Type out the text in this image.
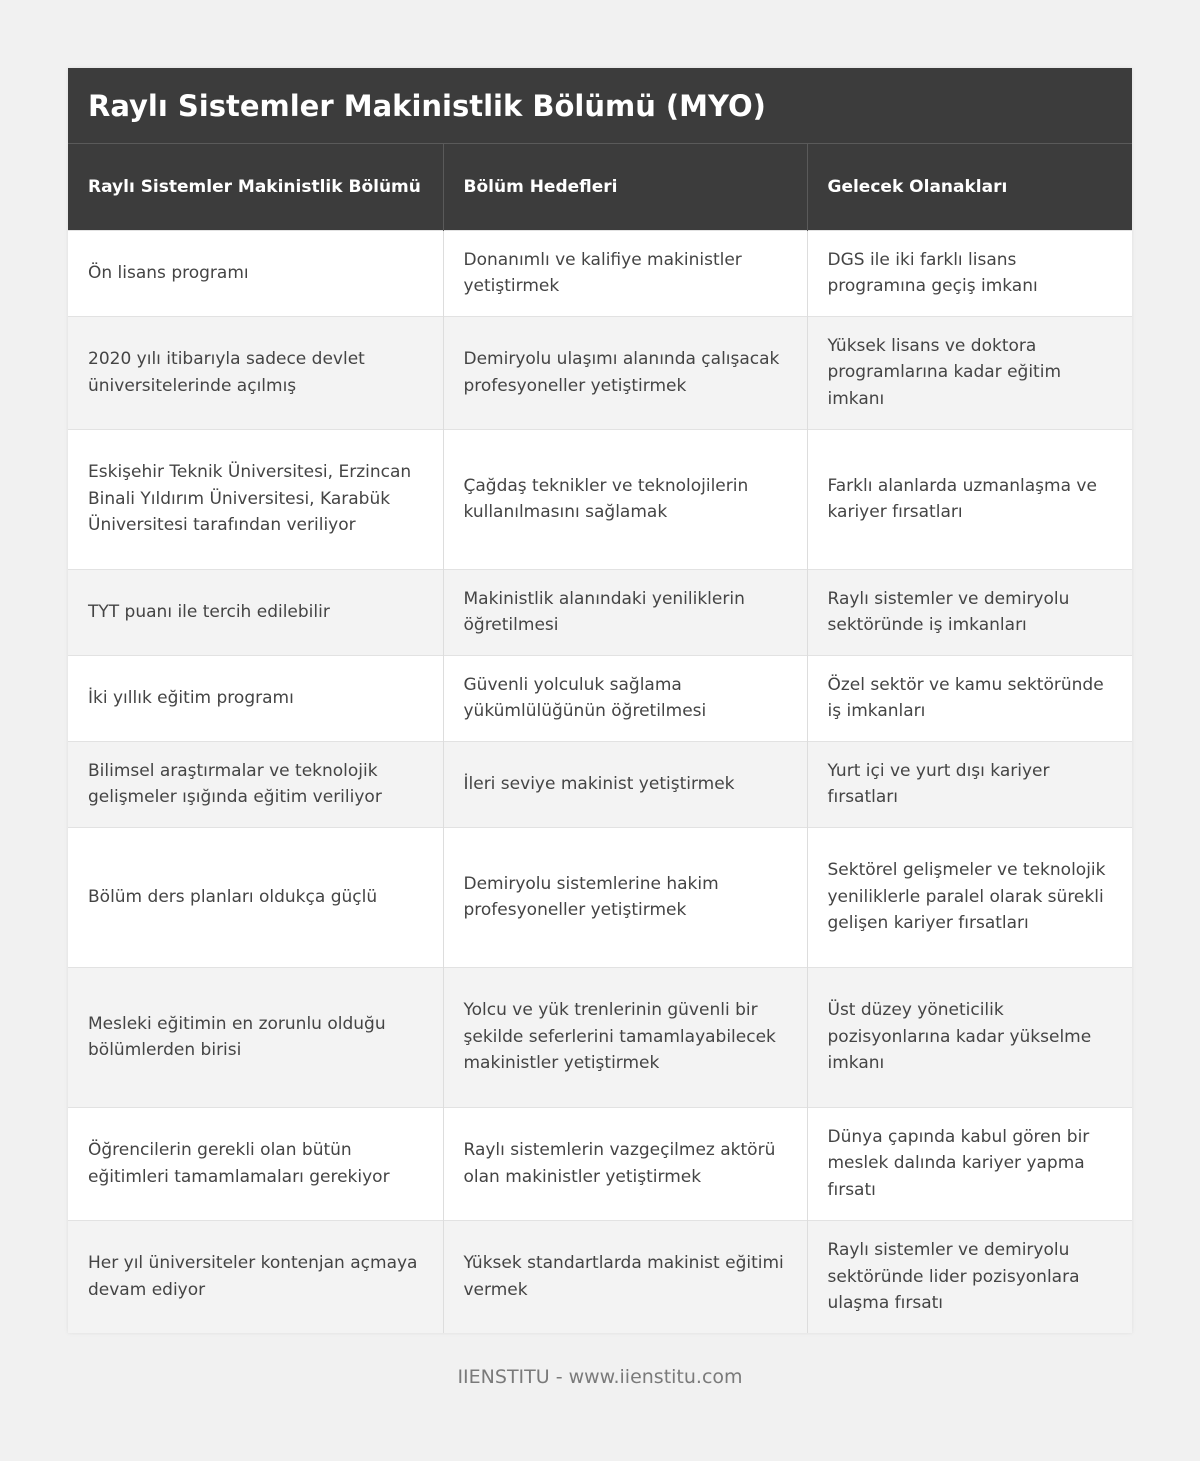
Raylı Sistemler Makinistlik Bölümü (MYO)
Raylı Sistemler Makinistlik Bölümü	Bölüm Hedefleri	Gelecek Olanakları
Ön lisans programı	Donanımlı ve kalifiye makinistler yetiştirmek	DGS ile iki farklı lisans programına geçiş imkanı
2020 yılı itibarıyla sadece devlet üniversitelerinde açılmış	Demiryolu ulaşımı alanında çalışacak profesyoneller yetiştirmek	Yüksek lisans ve doktora programlarına kadar eğitim imkanı
Eskişehir Teknik Üniversitesi, Erzincan Binali Yıldırım Üniversitesi, Karabük Üniversitesi tarafından veriliyor	Çağdaş teknikler ve teknolojilerin kullanılmasını sağlamak	Farklı alanlarda uzmanlaşma ve kariyer fırsatları
TYT puanı ile tercih edilebilir	Makinistlik alanındaki yeniliklerin öğretilmesi	Raylı sistemler ve demiryolu sektöründe iş imkanları
İki yıllık eğitim programı	Güvenli yolculuk sağlama yükümlülüğünün öğretilmesi	Özel sektör ve kamu sektöründe iş imkanları
Bilimsel araştırmalar ve teknolojik gelişmeler ışığında eğitim veriliyor	İleri seviye makinist yetiştirmek	Yurt içi ve yurt dışı kariyer fırsatları
Bölüm ders planları oldukça güçlü	Demiryolu sistemlerine hakim profesyoneller yetiştirmek	Sektörel gelişmeler ve teknolojik yeniliklerle paralel olarak sürekli gelişen kariyer fırsatları
Mesleki eğitimin en zorunlu olduğu bölümlerden birisi	Yolcu ve yük trenlerinin güvenli bir şekilde seferlerini tamamlayabilecek makinistler yetiştirmek	Üst düzey yöneticilik pozisyonlarına kadar yükselme imkanı
Öğrencilerin gerekli olan bütün eğitimleri tamamlamaları gerekiyor	Raylı sistemlerin vazgeçilmez aktörü olan makinistler yetiştirmek	Dünya çapında kabul gören bir meslek dalında kariyer yapma fırsatı
Her yıl üniversiteler kontenjan açmaya devam ediyor	Yüksek standartlarda makinist eğitimi vermek	Raylı sistemler ve demiryolu sektöründe lider pozisyonlara ulaşma fırsatı
IIENSTITU - www.iienstitu.com
